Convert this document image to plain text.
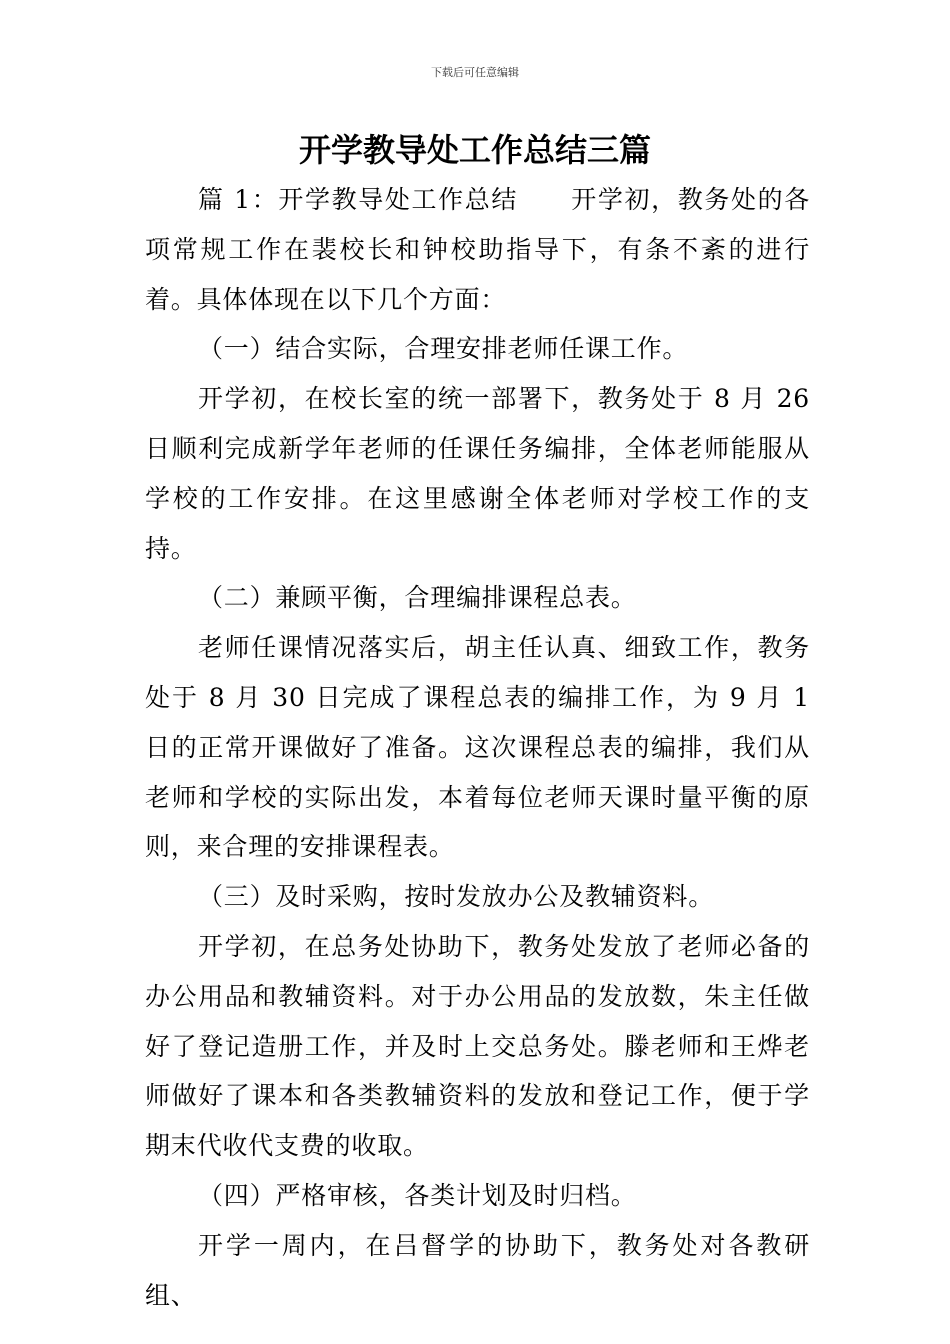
下载后可任意编辑
开学教导处工作总结三篇

篇 1：开学教导处工作总结　　开学初，教务处的各项常规工作在裴校长和钟校助指导下，有条不紊的进行着。具体体现在以下几个方面：

（一）结合实际，合理安排老师任课工作。

开学初，在校长室的统一部署下，教务处于 8 月 26 日顺利完成新学年老师的任课任务编排，全体老师能服从学校的工作安排。在这里感谢全体老师对学校工作的支持。

（二）兼顾平衡，合理编排课程总表。

老师任课情况落实后，胡主任认真、细致工作，教务处于 8 月 30 日完成了课程总表的编排工作，为 9 月 1 日的正常开课做好了准备。这次课程总表的编排，我们从老师和学校的实际出发，本着每位老师天课时量平衡的原则，来合理的安排课程表。

（三）及时采购，按时发放办公及教辅资料。

开学初，在总务处协助下，教务处发放了老师必备的办公用品和教辅资料。对于办公用品的发放数，朱主任做好了登记造册工作，并及时上交总务处。滕老师和王烨老师做好了课本和各类教辅资料的发放和登记工作，便于学期末代收代支费的收取。

（四）严格审核，各类计划及时归档。

开学一周内，在吕督学的协助下，教务处对各教研组、
